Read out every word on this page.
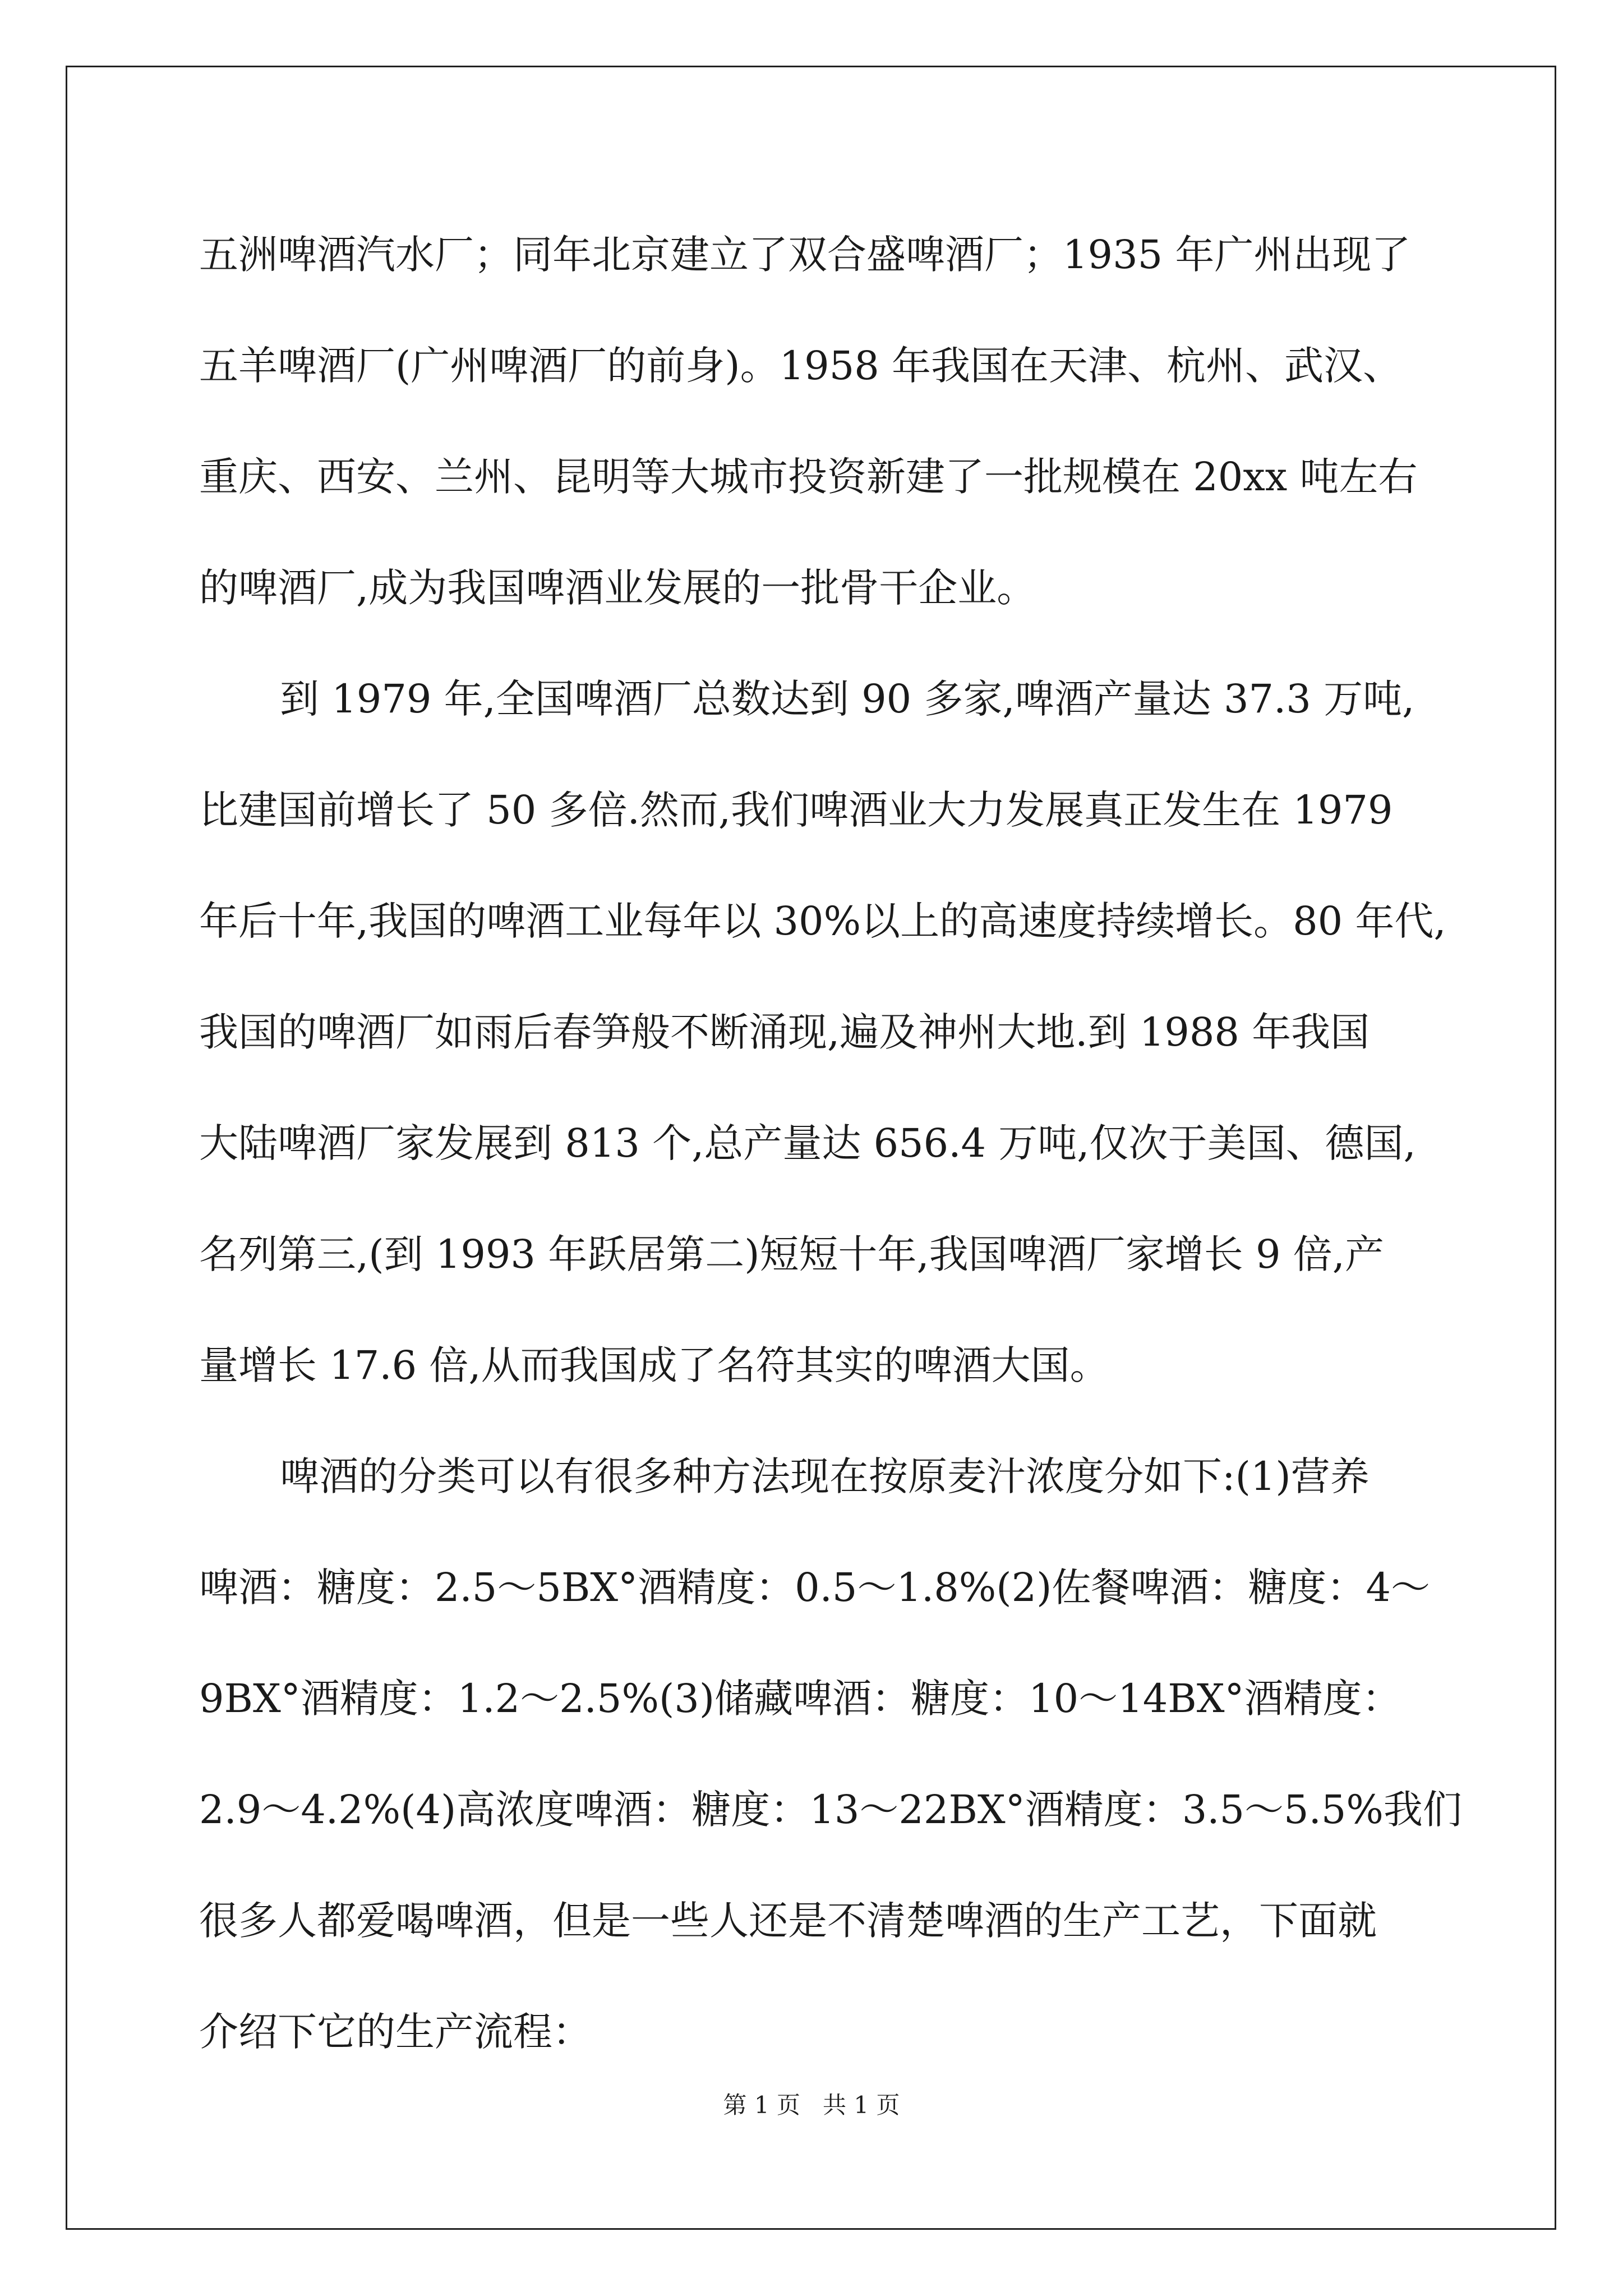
五洲啤酒汽水厂；同年北京建立了双合盛啤酒厂；1935 年广州出现了
五羊啤酒厂(广州啤酒厂的前身)。1958 年我国在天津、杭州、武汉、
重庆、西安、兰州、昆明等大城市投资新建了一批规模在 20xx 吨左右
的啤酒厂,成为我国啤酒业发展的一批骨干企业。
到 1979 年,全国啤酒厂总数达到 90 多家,啤酒产量达 37.3 万吨,
比建国前增长了 50 多倍.然而,我们啤酒业大力发展真正发生在 1979
年后十年,我国的啤酒工业每年以 30%以上的高速度持续增长。80 年代,
我国的啤酒厂如雨后春笋般不断涌现,遍及神州大地.到 1988 年我国
大陆啤酒厂家发展到 813 个,总产量达 656.4 万吨,仅次于美国、德国,
名列第三,(到 1993 年跃居第二)短短十年,我国啤酒厂家增长 9 倍,产
量增长 17.6 倍,从而我国成了名符其实的啤酒大国。
啤酒的分类可以有很多种方法现在按原麦汁浓度分如下:(1)营养
啤酒：糖度：2.5～5BX°酒精度：0.5～1.8%(2)佐餐啤酒：糖度：4～
9BX°酒精度：1.2～2.5%(3)储藏啤酒：糖度：10～14BX°酒精度：
2.9～4.2%(4)高浓度啤酒：糖度：13～22BX°酒精度：3.5～5.5%我们
很多人都爱喝啤酒，但是一些人还是不清楚啤酒的生产工艺，下面就
介绍下它的生产流程：
第 1 页   共 1 页
